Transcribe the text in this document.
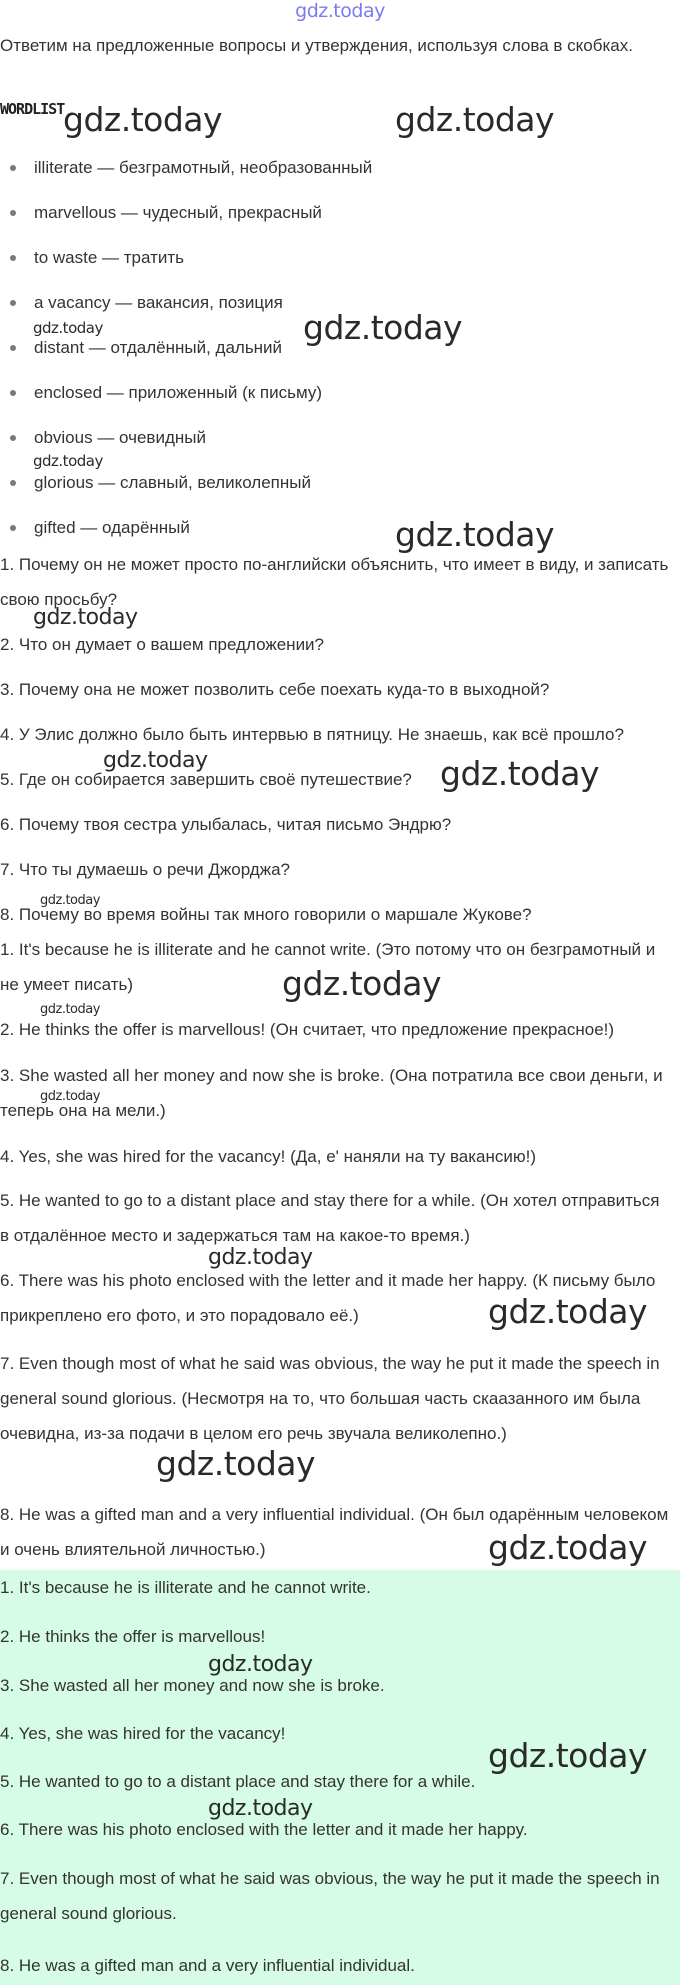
gdz.today

Ответим на предложенные вопросы и утверждения, используя слова в скобках.

WORDLIST
illiterate — безграмотный, необразованный
marvellous — чудесный, прекрасный
to waste — тратить
a vacancy — вакансия, позиция
distant — отдалённый, дальний
enclosed — приложенный (к письму)
obvious — очевидный
glorious — славный, великолепный
gifted — одарённый

1. Почему он не может просто по-английски объяснить, что имеет в виду, и записать свою просьбу?

2. Что он думает о вашем предложении?

3. Почему она не может позволить себе поехать куда-то в выходной?

4. У Элис должно было быть интервью в пятницу. Не знаешь, как всё прошло?

5. Где он собирается завершить своё путешествие?

6. Почему твоя сестра улыбалась, читая письмо Эндрю?

7. Что ты думаешь о речи Джорджа?

8. Почему во время войны так много говорили о маршале Жукове?

1. It's because he is illiterate and he cannot write. (Это потому что он безграмотный и не умеет писать)

2. He thinks the offer is marvellous! (Он считает, что предложение прекрасное!)

3. She wasted all her money and now she is broke. (Она потратила все свои деньги, и теперь она на мели.)

4. Yes, she was hired for the vacancy! (Да, е' наняли на ту вакансию!)

5. He wanted to go to a distant place and stay there for a while. (Он хотел отправиться в отдалённое место и задержаться там на какое-то время.)

6. There was his photo enclosed with the letter and it made her happy. (К письму было прикреплено его фото, и это порадовало её.)

7. Even though most of what he said was obvious, the way he put it made the speech in general sound glorious. (Несмотря на то, что большая часть скаазанного им была очевидна, из-за подачи в целом его речь звучала великолепно.)

8. He was a gifted man and a very influential individual. (Он был одарённым человеком и очень влиятельной личностью.)

1. It's because he is illiterate and he cannot write.

2. He thinks the offer is marvellous!

3. She wasted all her money and now she is broke.

4. Yes, she was hired for the vacancy!

5. He wanted to go to a distant place and stay there for a while.

6. There was his photo enclosed with the letter and it made her happy.

7. Even though most of what he said was obvious, the way he put it made the speech in general sound glorious.

8. He was a gifted man and a very influential individual.

gdz.today	gdz.today
gdz.today	gdz.today
gdz.today
gdz.today
gdz.today
gdz.today	gdz.today
gdz.today
gdz.today
gdz.today
gdz.today
gdz.today
gdz.today
gdz.today
gdz.today
gdz.today
gdz.today
gdz.today
